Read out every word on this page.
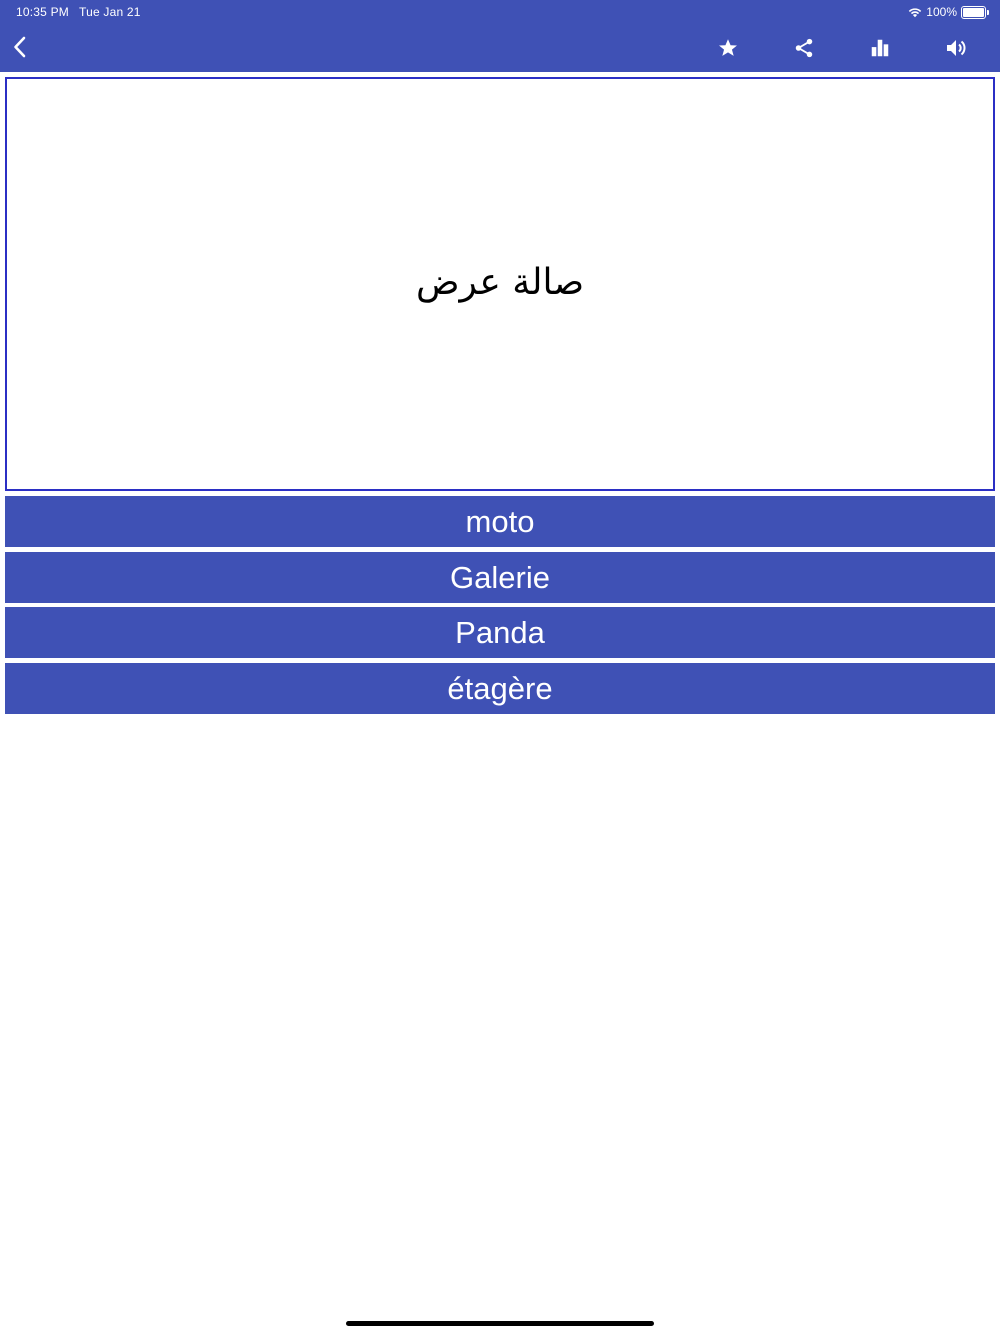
10:35 PM Tue Jan 21	100%
صالة عرض
moto
Galerie
Panda
étagère
